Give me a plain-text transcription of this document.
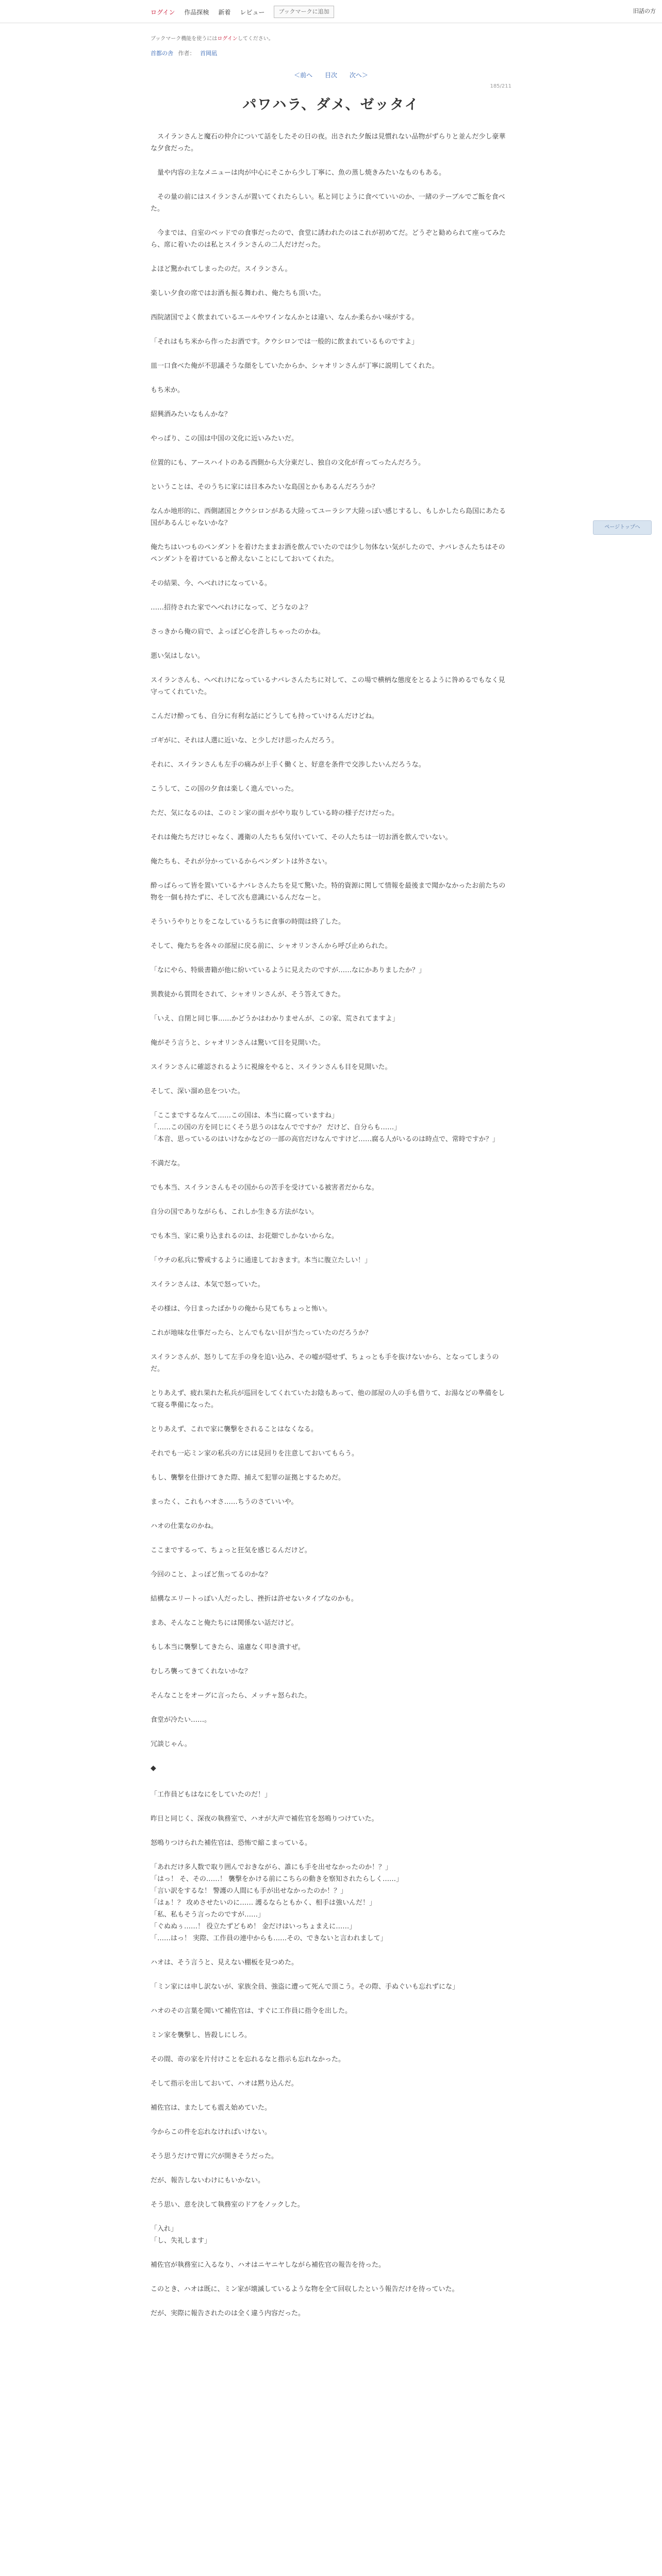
ログイン 作品探検 新着 レビュー	ブックマークに追加	旧話の方
ブックマーク機能を使うにはログインしてください。
首都の舎 作者： 首岡凪
＜前へ 目次 次へ＞
185/211
パワハラ、ダメ、ゼッタイ

　スイランさんと魔石の仲介について話をしたその日の夜。出された夕飯は見慣れない品物がずらりと並んだ少し豪華な夕食だった。

　量や内容の主なメニューは肉が中心にそこから少し丁寧に、魚の蒸し焼きみたいなものもある。

　その量の前にはスイランさんが置いてくれたらしい。私と同じように食べていいのか、一緒のテーブルでご飯を食べた。

　今までは、自室のベッドでの食事だったので、食堂に誘われたのはこれが初めてだ。どうぞと勧められて座ってみたら、席に着いたのは私とスイランさんの二人だけだった。

よほど驚かれてしまったのだ。スイランさん。

楽しい夕食の席ではお酒も振る舞われ、俺たちも頂いた。

西院諸国でよく飲まれているエールやワインなんかとは違い、なんか柔らかい味がする。

「それはもち米から作ったお酒です。クウシロンでは一般的に飲まれているものですよ」

皿一口食べた俺が不思議そうな顔をしていたからか、シャオリンさんが丁寧に説明してくれた。

もち米か。

紹興酒みたいなもんかな？

やっぱり、この国は中国の文化に近いみたいだ。

位置的にも、アースハイトのある西側から大分東だし、独自の文化が育ってったんだろう。

ということは、そのうちに家には日本みたいな島国とかもあるんだろうか？

なんか地形的に、西側諸国とクウシロンがある大陸ってユーラシア大陸っぽい感じするし、もしかしたら島国にあたる国があるんじゃないかな？

俺たちはいつものペンダントを着けたままお酒を飲んでいたのでは少し勿体ない気がしたので、ナバレさんたちはそのペンダントを着けていると酔えないことにしておいてくれた。

その結果、今、へべれけになっている。

……招待された家でへべれけになって、どうなのよ？

さっきから俺の肩で、よっぽど心を許しちゃったのかね。

悪い気はしない。

スイランさんも、へべれけになっているナバレさんたちに対して、この場で横柄な態度をとるように咎めるでもなく見守ってくれていた。

こんだけ酔っても、自分に有利な話にどうしても持っていけるんだけどね。

ゴギがに、それは人選に近いな、と少しだけ思ったんだろう。

それに、スイランさんも左手の痛みが上手く働くと、好意を条件で交渉したいんだろうな。

こうして、この国の夕食は楽しく進んでいった。

ただ、気になるのは、このミン家の面々がやり取りしている時の様子だけだった。

それは俺たちだけじゃなく、護衛の人たちも気付いていて、その人たちは一切お酒を飲んでいない。

俺たちも、それが分かっているからペンダントは外さない。

酔っぱらって皆を置いているナバレさんたちを見て驚いた。特的資源に関して情報を最後まで聞かなかったお前たちの物を一個も持たずに、そして次も意識にいるんだなーと。

そういうやりとりをこなしているうちに食事の時間は終了した。

そして、俺たちを各々の部屋に戻る前に、シャオリンさんから呼び止められた。

「なにやら、特級書籍が他に紛いているように見えたのですが……なにかありましたか？」

異教徒から質問をされて、シャオリンさんが、そう答えてきた。

「いえ、自閉と同じ事……かどうかはわかりませんが、この家、荒されてますよ」

俺がそう言うと、シャオリンさんは驚いて目を見開いた。

スイランさんに確認されるように視線をやると、スイランさんも目を見開いた。

そして、深い溜め息をついた。

「ここまでするなんて……この国は、本当に腐っていますね」
「……この国の方を同じにくそう思うのはなんでですか？ だけど、自分らも……」
「本音、思っているのはいけなかなどの一部の高官だけなんですけど……腐る人がいるのは時点で、常時ですか？」

不満だな。

でも本当、スイランさんもその国からの苦手を受けている被害者だからな。

自分の国でありながらも、これしか生きる方法がない。

でも本当、家に乗り込まれるのは、お花畑でしかないからな。

「ウチの私兵に警戒するように通達しておきます。本当に腹立たしい！」

スイランさんは、本気で怒っていた。

その様は、今日まったばかりの俺から見てもちょっと怖い。

これが地味な仕事だったら、とんでもない目が当たっていたのだろうか？

スイランさんが、怒りして左手の身を追い込み、その嘘が隠せず、ちょっとも手を抜けないから、となってしまうのだ。

とりあえず、疲れ果れた私兵が巡回をしてくれていたお陰もあって、他の部屋の人の手も借りて、お湯などの準備をして寝る準備になった。

とりあえず、これで家に襲撃をされることはなくなる。

それでも一応ミン家の私兵の方には見回りを注意しておいてもらう。

もし、襲撃を仕掛けてきた際、捕えて犯罪の証拠とするためだ。

まったく、これもハオさ……ちうのさていいや。

ハオの仕業なのかね。

ここまでするって、ちょっと狂気を感じるんだけど。

今回のこと、よっぽど焦ってるのかな？

結構なエリートっぽい人だったし、挫折は許せないタイプなのかも。

まあ、そんなこと俺たちには関係ない話だけど。

もし本当に襲撃してきたら、遠慮なく叩き潰すぜ。

むしろ襲ってきてくれないかな？

そんなことをオーグに言ったら、メッチャ怒られた。

食堂が冷たい……。

冗談じゃん。

◆

「工作員どもはなにをしていたのだ！」

昨日と同じく、深夜の執務室で、ハオが大声で補佐官を怒鳴りつけていた。

怒鳴りつけられた補佐官は、恐怖で縮こまっている。

「あれだけ多人数で取り囲んでおきながら、誰にも手を出せなかったのか！？」
「はっ！ そ、その……！ 襲撃をかける前にこちらの動きを察知されたらしく……」
「言い訳をするな！ 警護の人間にも手が出せなかったのか！？」
「はぁ！？ 攻めさせたいのに…… 護るならともかく、相手は強いんだ！」
「私、私もそう言ったのですが……」
「ぐぬぬぅ……！ 役立たずどもめ！ 金だけはいっちょまえに……」
「……はっ！ 実際、工作員の連中からも……その、できないと言われまして」

ハオは、そう言うと、見えない棚板を見つめた。

「ミン家には申し訳ないが、家族全員、強盗に遭って死んで頂こう。その際、手ぬぐいも忘れずにな」

ハオのその言葉を聞いて補佐官は、すぐに工作員に指令を出した。

ミン家を襲撃し、皆殺しにしろ。

その間、奇の家を片付けことを忘れるなと指示も忘れなかった。

そして指示を出しておいて、ハオは黙り込んだ。

補佐官は、またしても震え始めていた。

今からこの件を忘れなければいけない。

そう思うだけで胃に穴が開きそうだった。

だが、報告しないわけにもいかない。

そう思い、意を決して執務室のドアをノックした。

「入れ」
「し、失礼します」

補佐官が執務室に入るなり、ハオはニヤニヤしながら補佐官の報告を待った。

このとき、ハオは既に、ミン家が壊滅しているような物を全て回収したという報告だけを待っていた。

だが、実際に報告されたのは全く違う内容だった。

ページトップへ
